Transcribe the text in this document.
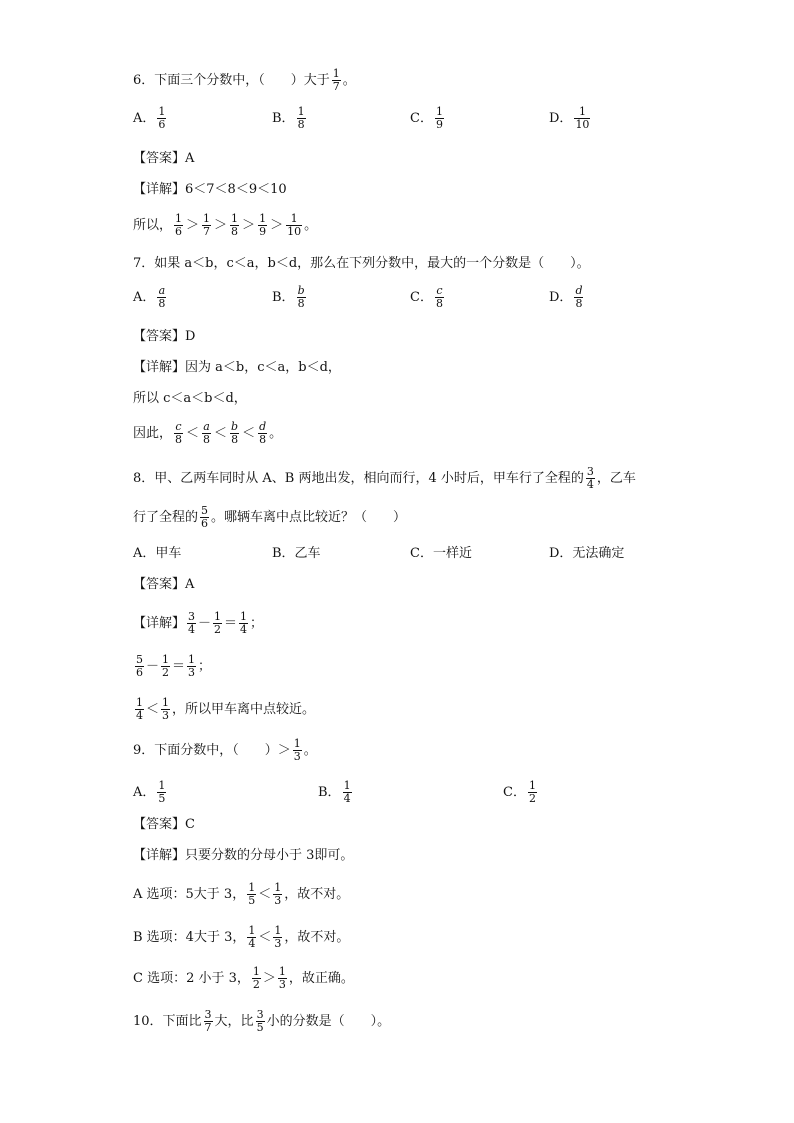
6．下面三个分数中，（　　）大于 $\frac{1}{7}$ 。
A． $\frac{1}{6}$	B． $\frac{1}{8}$	C． $\frac{1}{9}$	D． $\frac{1}{10}$
【答案】A
【详解】6＜7＜8＜9＜10
所以， $\frac{1}{6} > \frac{1}{7} > \frac{1}{8} > \frac{1}{9} > \frac{1}{10}$ 。
7．如果 a＜b，c＜a，b＜d，那么在下列分数中，最大的一个分数是（　　）。
A． $\frac{a}{8}$	B． $\frac{b}{8}$	C． $\frac{c}{8}$	D． $\frac{d}{8}$
【答案】D
【详解】因为 a＜b，c＜a，b＜d，
所以 c＜a＜b＜d，
因此， $\frac{c}{8} < \frac{a}{8} < \frac{b}{8} < \frac{d}{8}$ 。
8．甲、乙两车同时从 A、B 两地出发，相向而行，4 小时后，甲车行了全程的 $\frac{3}{4}$ ，乙车
行了全程的 $\frac{5}{6}$ 。哪辆车离中点比较近？（　　）
A．甲车	B．乙车	C．一样近	D．无法确定
【答案】A
【详解】 $\frac{3}{4} - \frac{1}{2} = \frac{1}{4}$ ；
$\frac{5}{6} - \frac{1}{2} = \frac{1}{3}$ ；
$\frac{1}{4} < \frac{1}{3}$ ，所以甲车离中点较近。
9．下面分数中，（　　）＞ $\frac{1}{3}$ 。
A． $\frac{1}{5}$	B． $\frac{1}{4}$	C． $\frac{1}{2}$
【答案】C
【详解】只要分数的分母小于 3即可。
A 选项：5大于 3， $\frac{1}{5} < \frac{1}{3}$ ，故不对。
B 选项：4大于 3， $\frac{1}{4} < \frac{1}{3}$ ，故不对。
C 选项：2 小于 3， $\frac{1}{2} > \frac{1}{3}$ ，故正确。
10．下面比 $\frac{3}{7}$ 大，比 $\frac{3}{5}$ 小的分数是（　　）。
